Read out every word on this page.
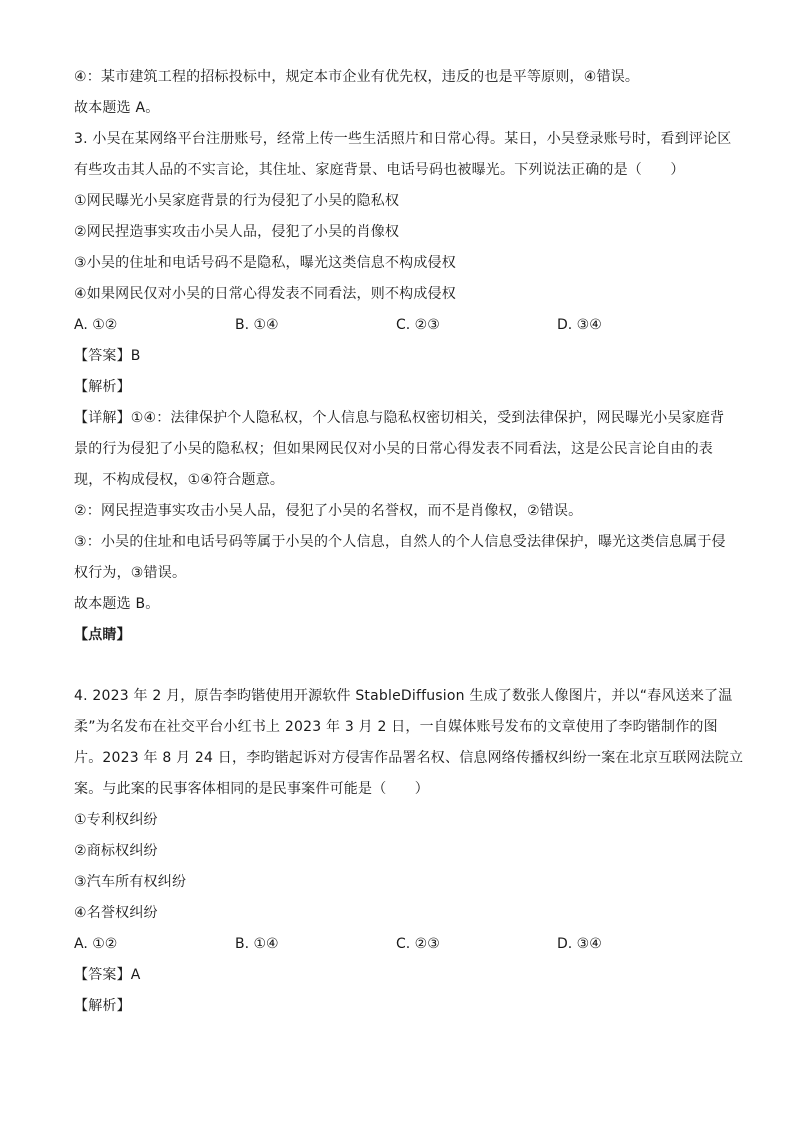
④：某市建筑工程的招标投标中，规定本市企业有优先权，违反的也是平等原则，④错误。
故本题选 A。
3. 小吴在某网络平台注册账号，经常上传一些生活照片和日常心得。某日，小吴登录账号时，看到评论区
有些攻击其人品的不实言论，其住址、家庭背景、电话号码也被曝光。下列说法正确的是（　　）
①网民曝光小吴家庭背景的行为侵犯了小吴的隐私权
②网民捏造事实攻击小吴人品，侵犯了小吴的肖像权
③小吴的住址和电话号码不是隐私，曝光这类信息不构成侵权
④如果网民仅对小吴的日常心得发表不同看法，则不构成侵权
A. ①②	B. ①④	C. ②③	D. ③④
【答案】B
【解析】
【详解】①④：法律保护个人隐私权，个人信息与隐私权密切相关，受到法律保护，网民曝光小吴家庭背
景的行为侵犯了小吴的隐私权；但如果网民仅对小吴的日常心得发表不同看法，这是公民言论自由的表
现，不构成侵权，①④符合题意。
②：网民捏造事实攻击小吴人品，侵犯了小吴的名誉权，而不是肖像权，②错误。
③：小吴的住址和电话号码等属于小吴的个人信息，自然人的个人信息受法律保护，曝光这类信息属于侵
权行为，③错误。
故本题选 B。
【点睛】
4. 2023 年 2 月，原告李昀锴使用开源软件 StableDiffusion 生成了数张人像图片，并以“春风送来了温
柔”为名发布在社交平台小红书上 2023 年 3 月 2 日，一自媒体账号发布的文章使用了李昀锴制作的图
片。2023 年 8 月 24 日，李昀锴起诉对方侵害作品署名权、信息网络传播权纠纷一案在北京互联网法院立
案。与此案的民事客体相同的是民事案件可能是（　　）
①专利权纠纷
②商标权纠纷
③汽车所有权纠纷
④名誉权纠纷
A. ①②	B. ①④	C. ②③	D. ③④
【答案】A
【解析】
